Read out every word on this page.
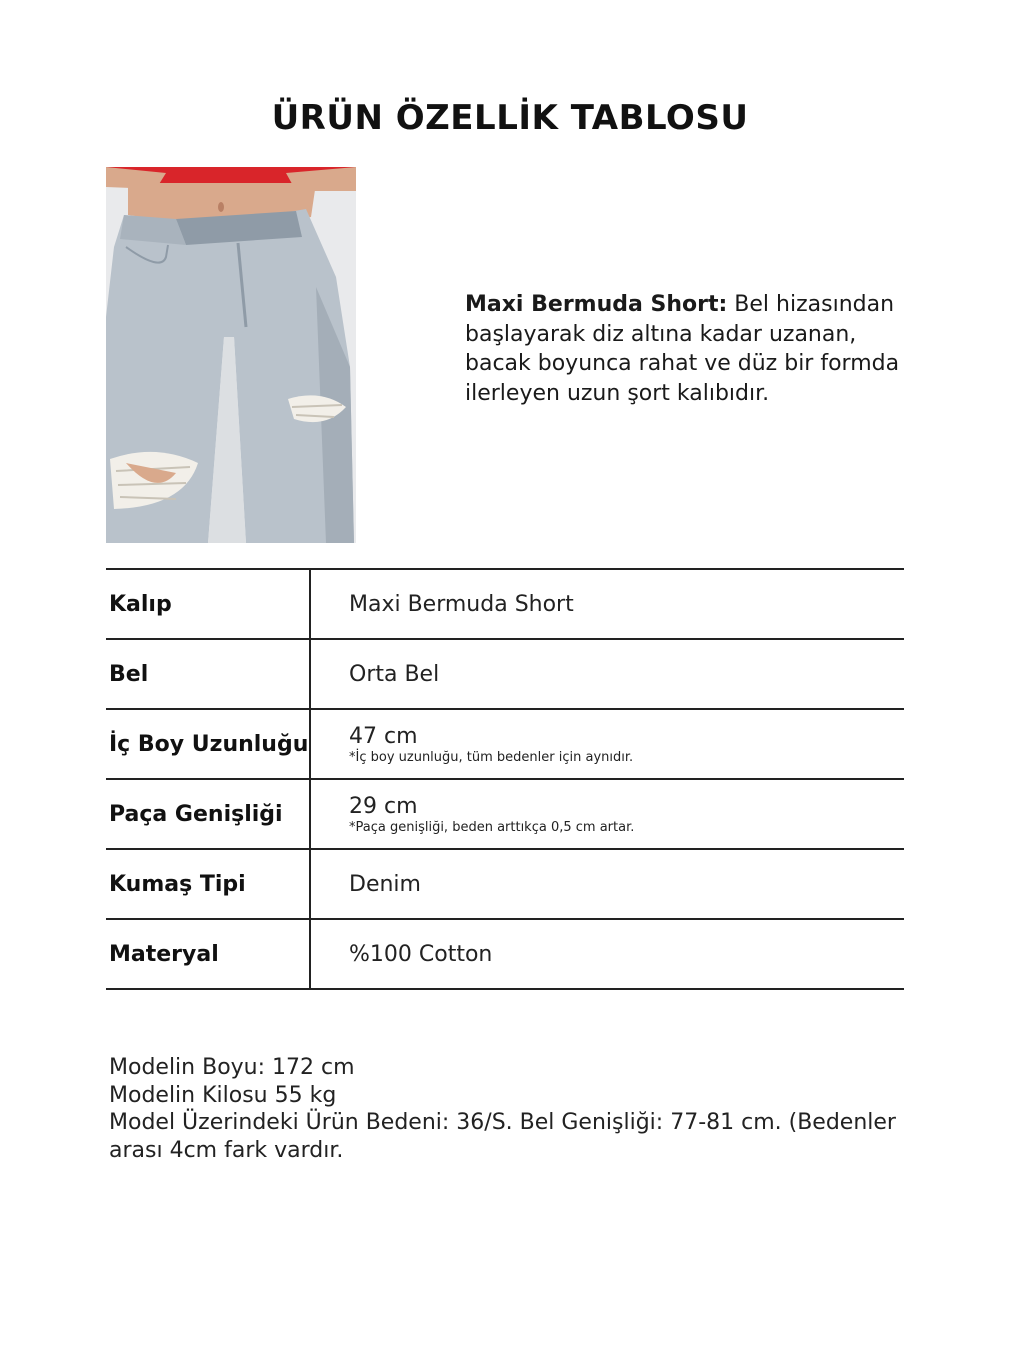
ÜRÜN ÖZELLİK TABLOSU
Maxi Bermuda Short: Bel hizasından başlayarak diz altına kadar uzanan, bacak boyunca rahat ve düz bir formda ilerleyen uzun şort kalıbıdır.
Kalıp	Maxi Bermuda Short
Bel	Orta Bel
İç Boy Uzunluğu	47 cm
*İç boy uzunluğu, tüm bedenler için aynıdır.

Paça Genişliği	29 cm
*Paça genişliği, beden arttıkça 0,5 cm artar.

Kumaş Tipi	Denim
Materyal	%100 Cotton
Modelin Boyu: 172 cm
Modelin Kilosu 55 kg
Model Üzerindeki Ürün Bedeni: 36/S. Bel Genişliği: 77-81 cm. (Bedenler arası 4cm fark vardır.
